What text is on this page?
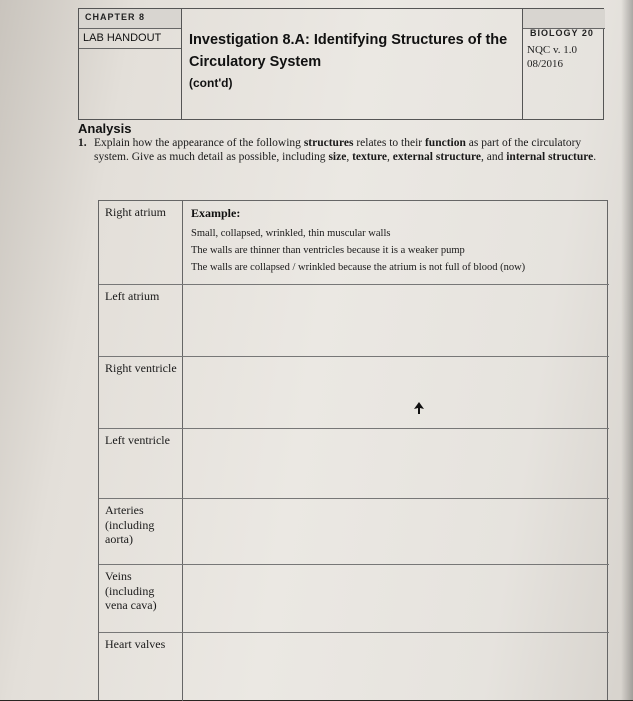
CHAPTER 8
LAB HANDOUT Investigation 8.A: Identifying Structures of the Circulatory System
(cont'd)
BIOLOGY 20
NQC v. 1.0
08/2016
Analysis
1. Explain how the appearance of the following structures relates to their function as part of the circulatory system. Give as much detail as possible, including size, texture, external structure, and internal structure.
Right atrium	Example:
Small, collapsed, wrinkled, thin muscular walls
The walls are thinner than ventricles because it is a weaker pump
The walls are collapsed / wrinkled because the atrium is not full of blood (now)
Left atrium
Right ventricle
Left ventricle
Arteries (including aorta)
Veins (including vena cava)
Heart valves
